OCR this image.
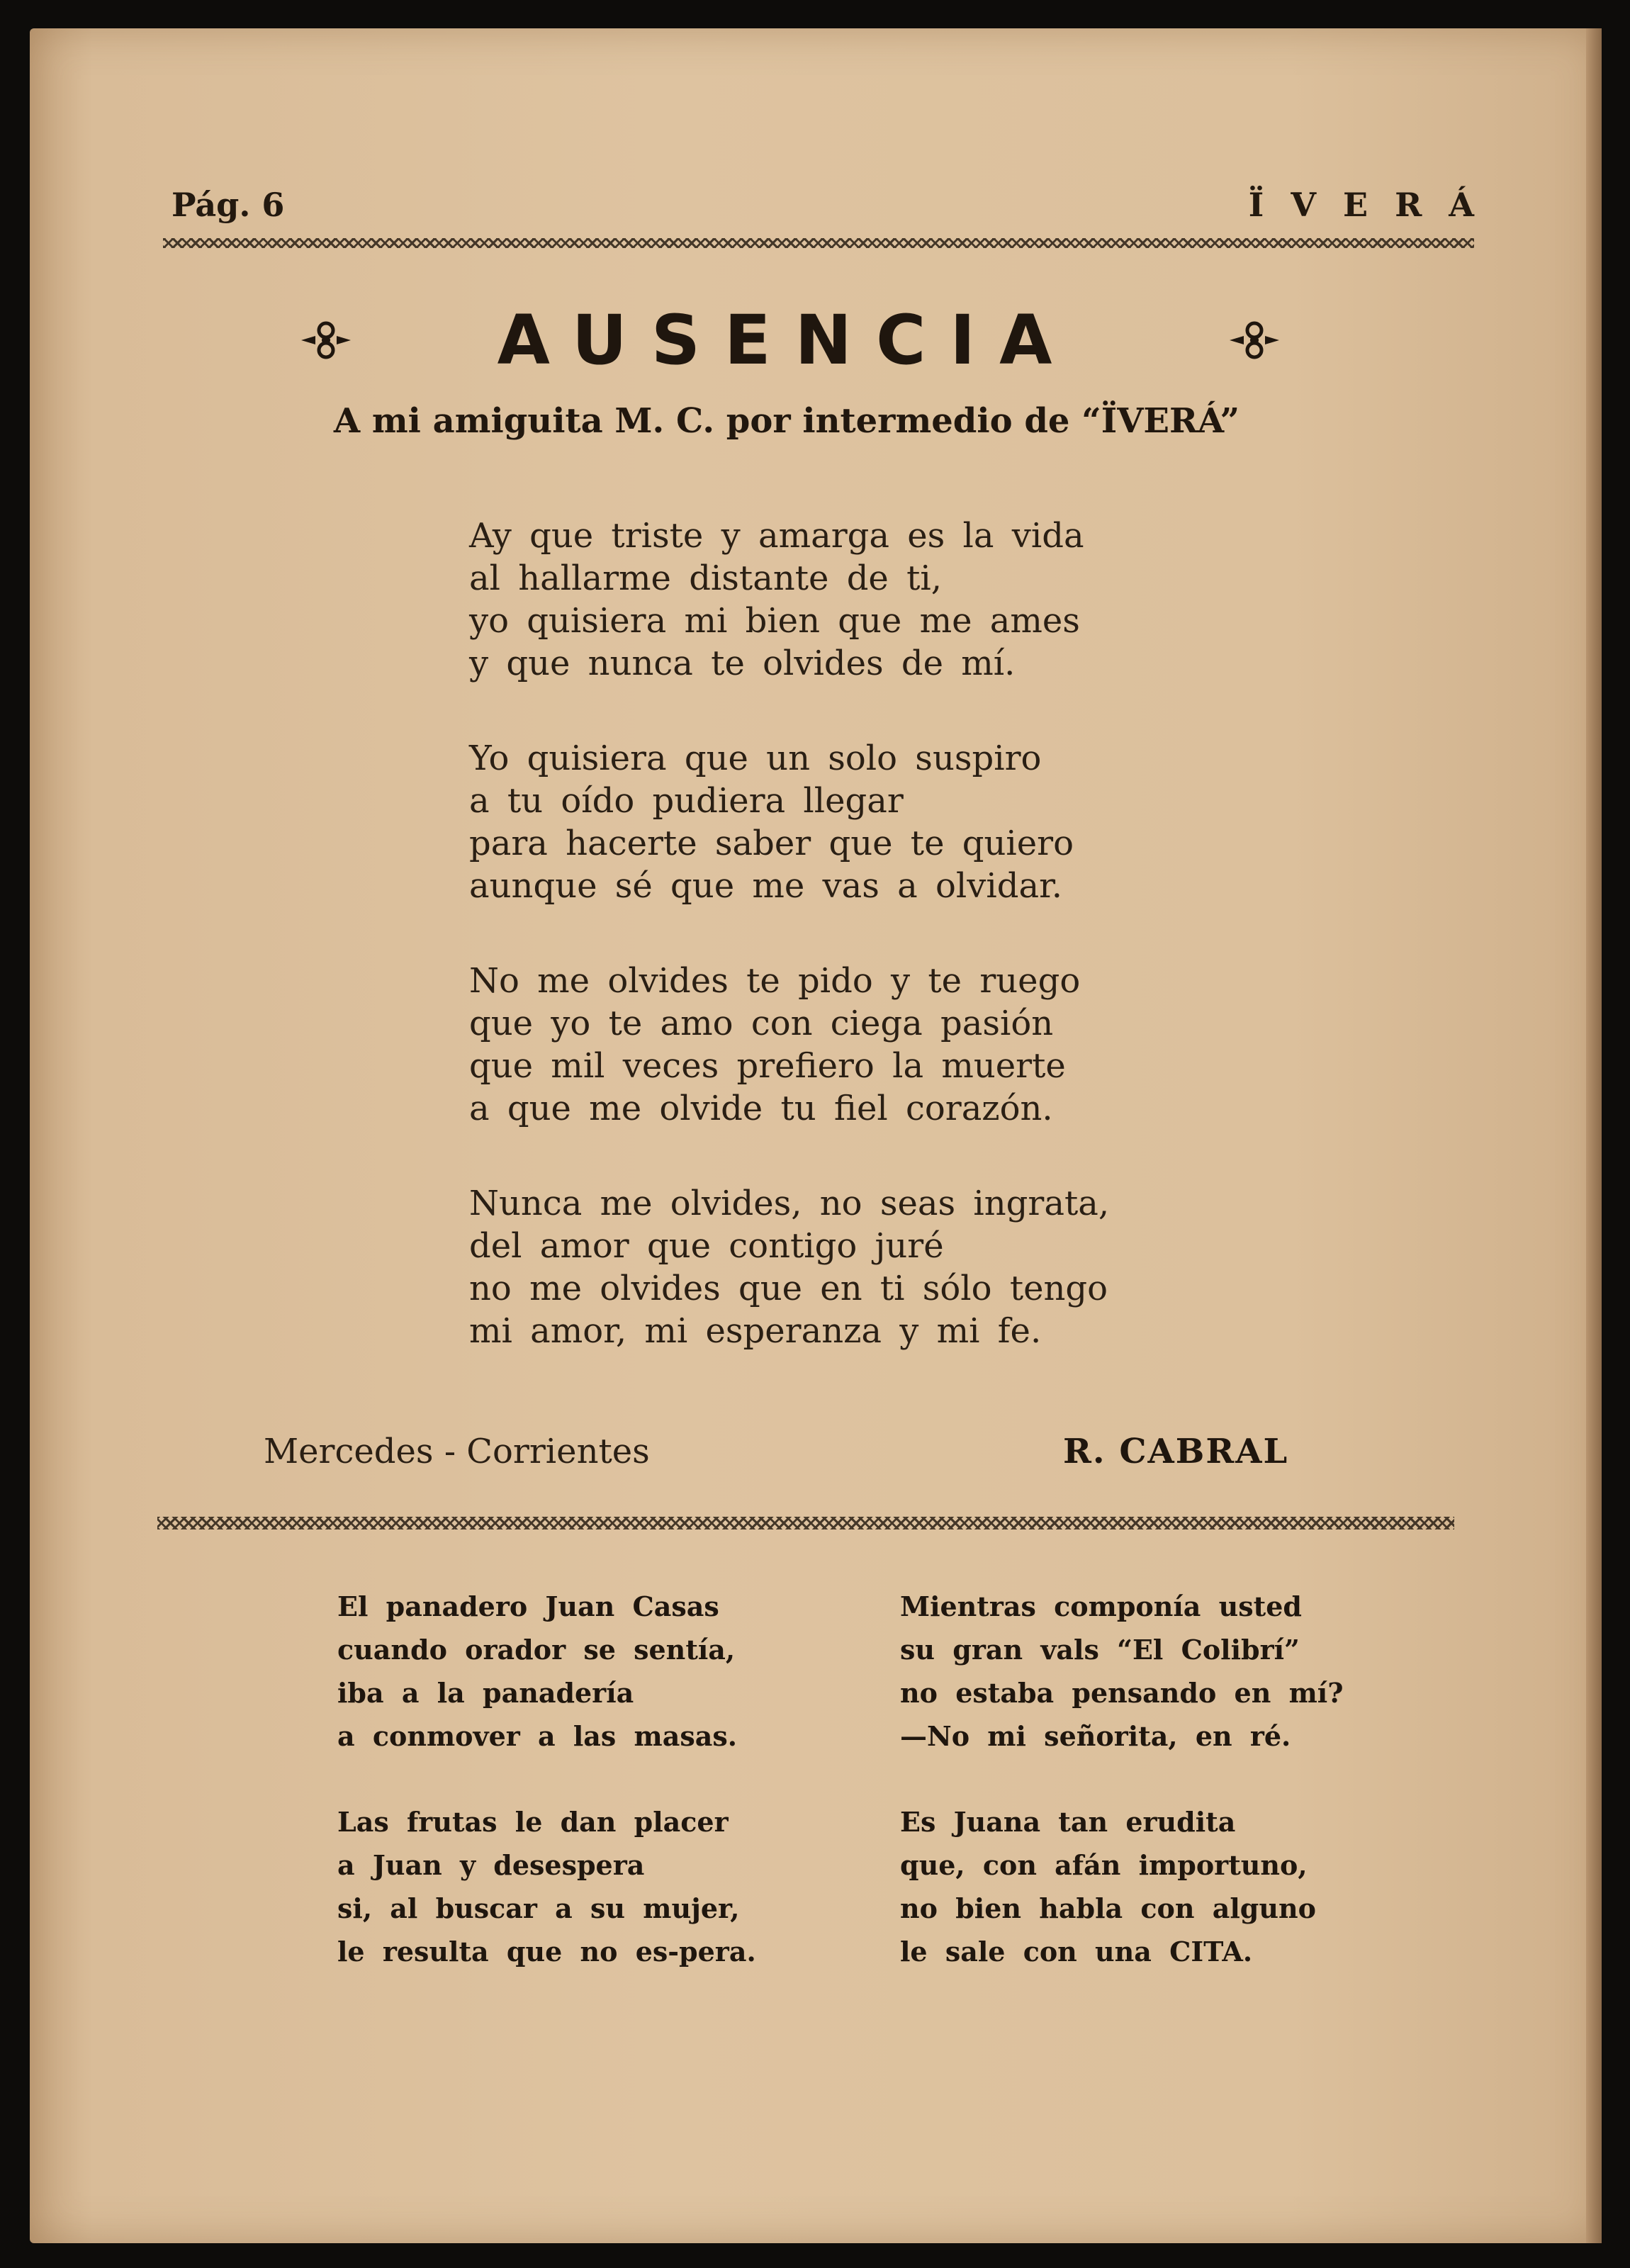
Pág. 6	ÏVERÁ
AUSENCIA
A mi amiguita M. C. por intermedio de “ÏVERÁ”
Ay que triste y amarga es la vida
al hallarme distante de ti,
yo quisiera mi bien que me ames
y que nunca te olvides de mí.
Yo quisiera que un solo suspiro
a tu oído pudiera llegar
para hacerte saber que te quiero
aunque sé que me vas a olvidar.
No me olvides te pido y te ruego
que yo te amo con ciega pasión
que mil veces prefiero la muerte
a que me olvide tu fiel corazón.
Nunca me olvides, no seas ingrata,
del amor que contigo juré
no me olvides que en ti sólo tengo
mi amor, mi esperanza y mi fe.
Mercedes - Corrientes	R. CABRAL
El panadero Juan Casas
cuando orador se sentía,
iba a la panadería
a conmover a las masas.
Las frutas le dan placer
a Juan y desespera
si, al buscar a su mujer,
le resulta que no es-pera.
Mientras componía usted
su gran vals “El Colibrí”
no estaba pensando en mí?
—No mi señorita, en ré.
Es Juana tan erudita
que, con afán importuno,
no bien habla con alguno
le sale con una CITA.
